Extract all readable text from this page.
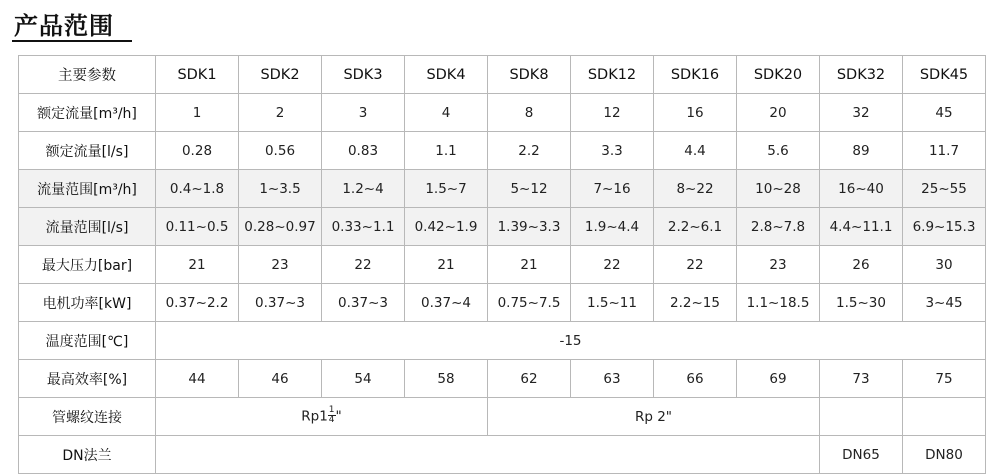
产品范围
主要参数	SDK1	SDK2	SDK3	SDK4	SDK8	SDK12	SDK16	SDK20	SDK32	SDK45
额定流量[m³/h]	1	2	3	4	8	12	16	20	32	45
额定流量[l/s]	0.28	0.56	0.83	1.1	2.2	3.3	4.4	5.6	89	11.7
流量范围[m³/h]	0.4~1.8	1~3.5	1.2~4	1.5~7	5~12	7~16	8~22	10~28	16~40	25~55
流量范围[l/s]	0.11~0.5	0.28~0.97	0.33~1.1	0.42~1.9	1.39~3.3	1.9~4.4	2.2~6.1	2.8~7.8	4.4~11.1	6.9~15.3
最大压力[bar]	21	23	22	21	21	22	22	23	26	30
电机功率[kW]	0.37~2.2	0.37~3	0.37~3	0.37~4	0.75~7.5	1.5~11	2.2~15	1.1~18.5	1.5~30	3~45
温度范围[℃]	-15									
最高效率[%]	44	46	54	58	62	63	66	69	73	75
管螺纹连接	$Rp1 \frac{1}{4}$ "				Rp 2"					
DN法兰									DN65	DN80
